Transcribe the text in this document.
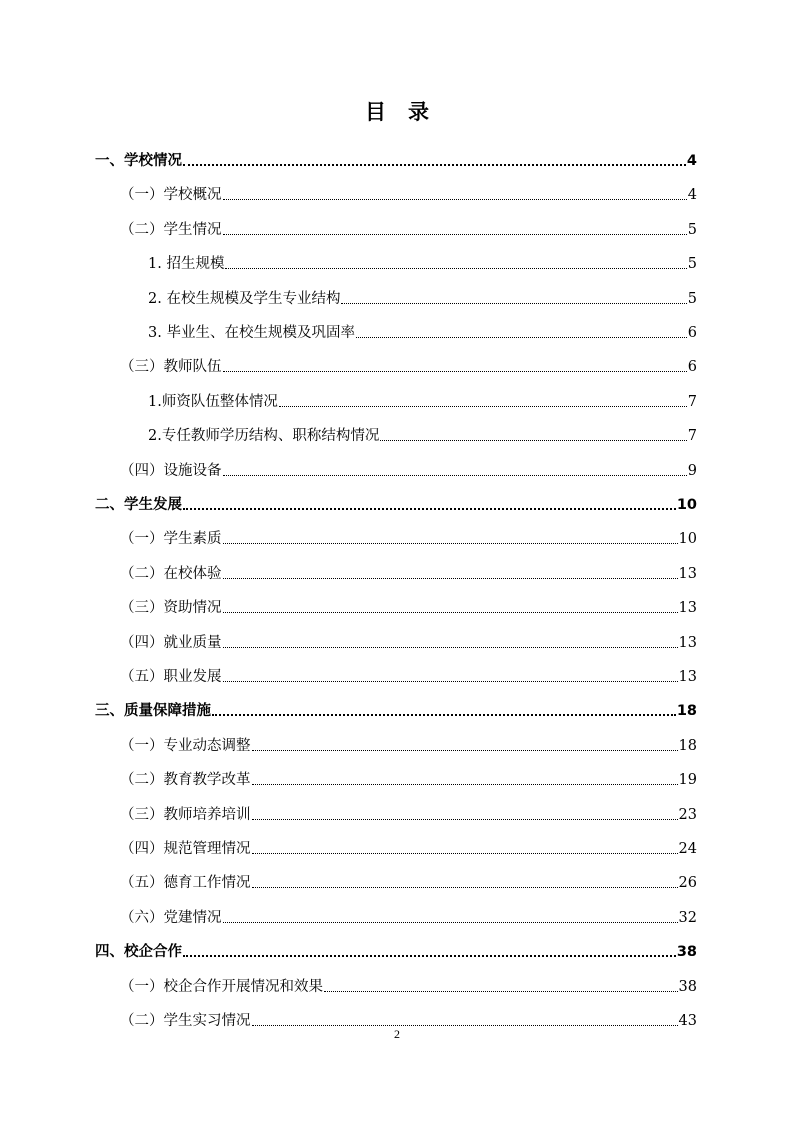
目 录
一、学校情况	4
（一）学校概况	4
（二）学生情况	5
1. 招生规模	5
2. 在校生规模及学生专业结构	5
3. 毕业生、在校生规模及巩固率	6
（三）教师队伍	6
1.师资队伍整体情况	7
2.专任教师学历结构、职称结构情况	7
（四）设施设备	9
二、学生发展	10
（一）学生素质	10
（二）在校体验	13
（三）资助情况	13
（四）就业质量	13
（五）职业发展	13
三、质量保障措施	18
（一）专业动态调整	18
（二）教育教学改革	19
（三）教师培养培训	23
（四）规范管理情况	24
（五）德育工作情况	26
（六）党建情况	32
四、校企合作	38
（一）校企合作开展情况和效果	38
（二）学生实习情况	43
2
